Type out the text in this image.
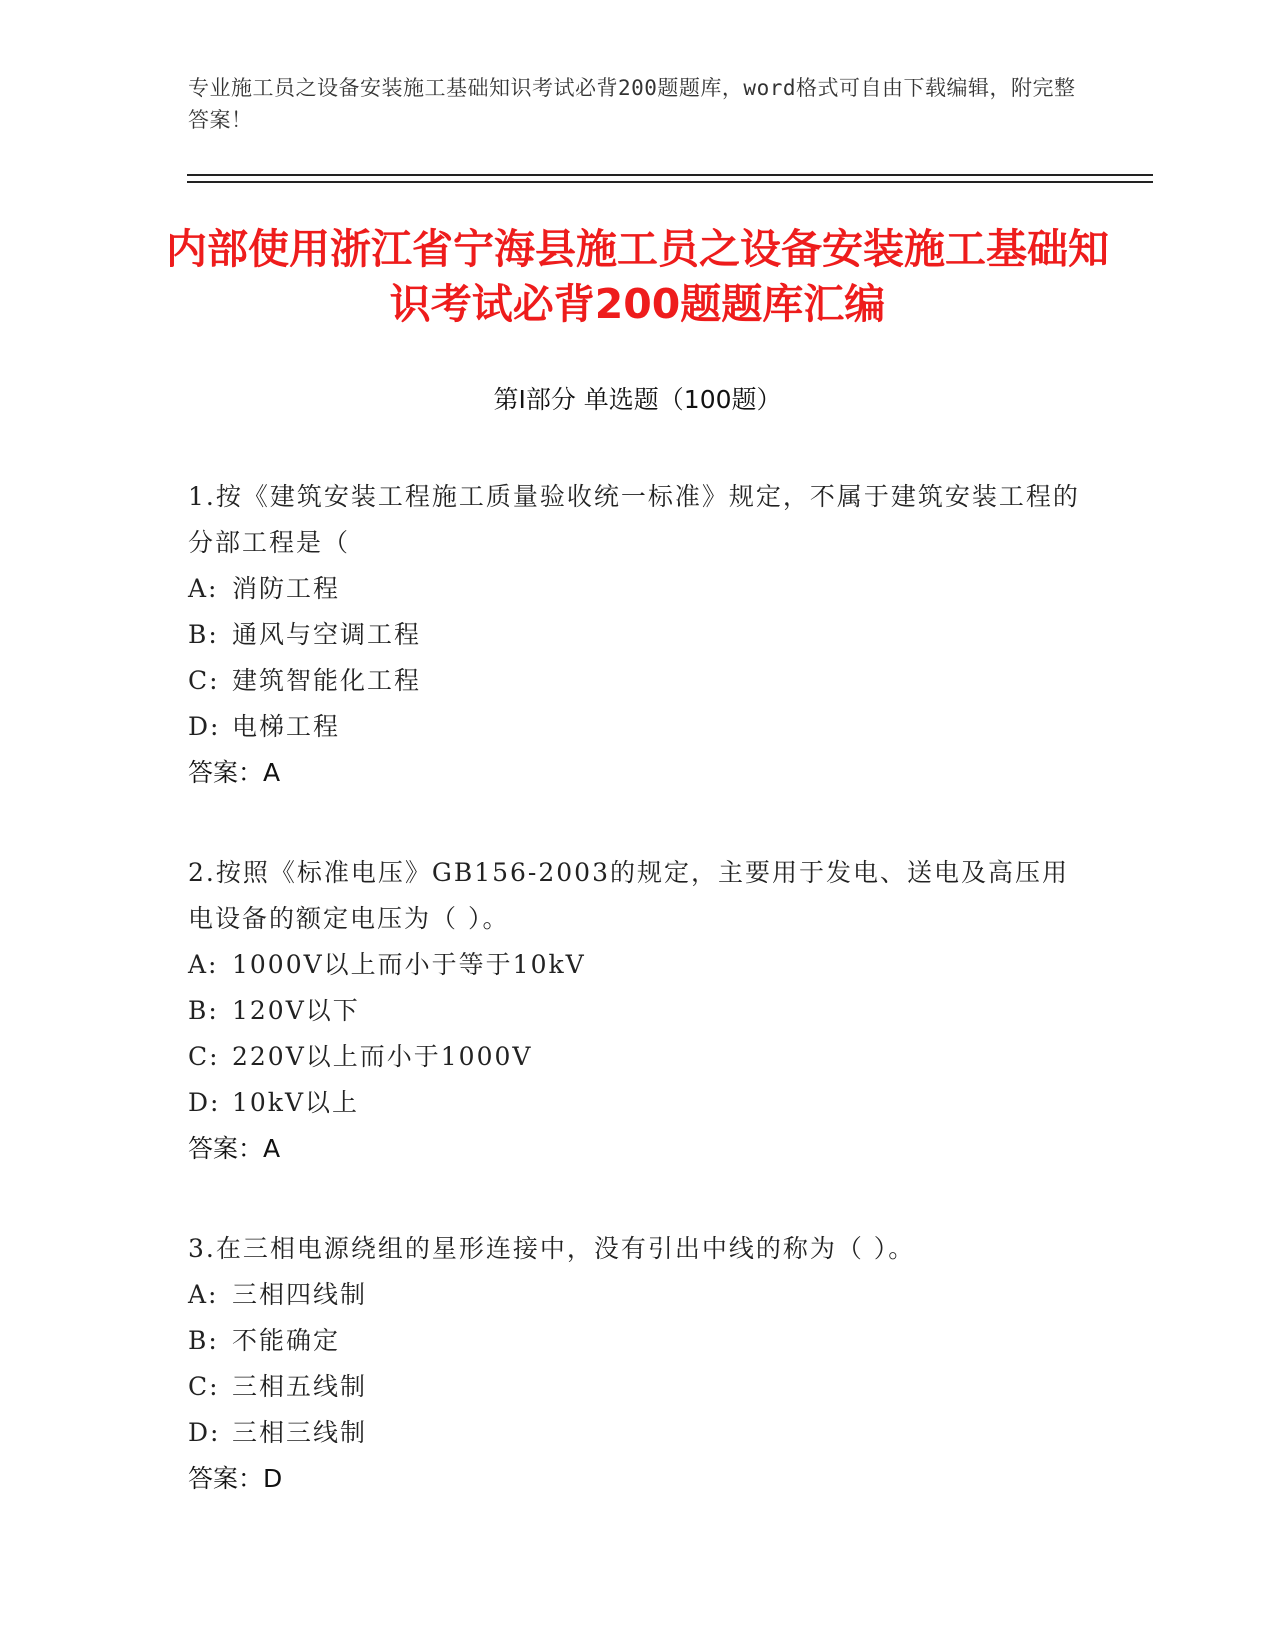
专业施工员之设备安装施工基础知识考试必背200题题库，word格式可自由下载编辑，附完整答案！
内部使用浙江省宁海县施工员之设备安装施工基础知识考试必背200题题库汇编
第Ⅰ部分 单选题（100题）
1.按《建筑安装工程施工质量验收统一标准》规定，不属于建筑安装工程的分部工程是（
A: 消防工程
B: 通风与空调工程
C: 建筑智能化工程
D: 电梯工程
答案：A
2.按照《标准电压》GB156-2003的规定，主要用于发电、送电及高压用电设备的额定电压为（ ）。
A: 1000V以上而小于等于10kV
B: 120V以下
C: 220V以上而小于1000V
D: 10kV以上
答案：A
3.在三相电源绕组的星形连接中，没有引出中线的称为（ ）。
A: 三相四线制
B: 不能确定
C: 三相五线制
D: 三相三线制
答案：D
